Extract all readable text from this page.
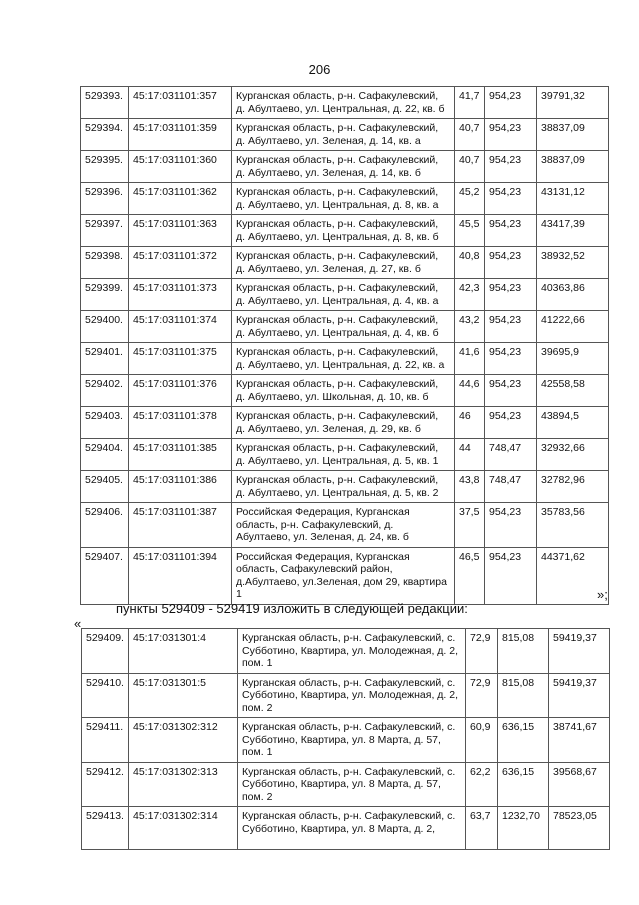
206
529393.	45:17:031101:357	Курганская область, р-н. Сафакулевский, д. Абултаево, ул. Центральная, д. 22, кв. б	41,7	954,23	39791,32
529394.	45:17:031101:359	Курганская область, р-н. Сафакулевский, д. Абултаево, ул. Зеленая, д. 14, кв. а	40,7	954,23	38837,09
529395.	45:17:031101:360	Курганская область, р-н. Сафакулевский, д. Абултаево, ул. Зеленая, д. 14, кв. б	40,7	954,23	38837,09
529396.	45:17:031101:362	Курганская область, р-н. Сафакулевский, д. Абултаево, ул. Центральная, д. 8, кв. а	45,2	954,23	43131,12
529397.	45:17:031101:363	Курганская область, р-н. Сафакулевский, д. Абултаево, ул. Центральная, д. 8, кв. б	45,5	954,23	43417,39
529398.	45:17:031101:372	Курганская область, р-н. Сафакулевский, д. Абултаево, ул. Зеленая, д. 27, кв. б	40,8	954,23	38932,52
529399.	45:17:031101:373	Курганская область, р-н. Сафакулевский, д. Абултаево, ул. Центральная, д. 4, кв. а	42,3	954,23	40363,86
529400.	45:17:031101:374	Курганская область, р-н. Сафакулевский, д. Абултаево, ул. Центральная, д. 4, кв. б	43,2	954,23	41222,66
529401.	45:17:031101:375	Курганская область, р-н. Сафакулевский, д. Абултаево, ул. Центральная, д. 22, кв. а	41,6	954,23	39695,9
529402.	45:17:031101:376	Курганская область, р-н. Сафакулевский, д. Абултаево, ул. Школьная, д. 10, кв. б	44,6	954,23	42558,58
529403.	45:17:031101:378	Курганская область, р-н. Сафакулевский, д. Абултаево, ул. Зеленая, д. 29, кв. б	46	954,23	43894,5
529404.	45:17:031101:385	Курганская область, р-н. Сафакулевский, д. Абултаево, ул. Центральная, д. 5, кв. 1	44	748,47	32932,66
529405.	45:17:031101:386	Курганская область, р-н. Сафакулевский, д. Абултаево, ул. Центральная, д. 5, кв. 2	43,8	748,47	32782,96
529406.	45:17:031101:387	Российская Федерация, Курганская область, р-н. Сафакулевский, д. Абултаево, ул. Зеленая, д. 24, кв. б	37,5	954,23	35783,56
529407.	45:17:031101:394	Российская Федерация, Курганская область, Сафакулевский район, д.Абултаево, ул.Зеленая, дом 29, квартира 1	46,5	954,23	44371,62
»;
пункты 529409 - 529419 изложить в следующей редакции:
«
529409.	45:17:031301:4	Курганская область, р-н. Сафакулевский, с. Субботино, Квартира, ул. Молодежная, д. 2, пом. 1	72,9	815,08	59419,37
529410.	45:17:031301:5	Курганская область, р-н. Сафакулевский, с. Субботино, Квартира, ул. Молодежная, д. 2, пом. 2	72,9	815,08	59419,37
529411.	45:17:031302:312	Курганская область, р-н. Сафакулевский, с. Субботино, Квартира, ул. 8 Марта, д. 57, пом. 1	60,9	636,15	38741,67
529412.	45:17:031302:313	Курганская область, р-н. Сафакулевский, с. Субботино, Квартира, ул. 8 Марта, д. 57, пом. 2	62,2	636,15	39568,67
529413.	45:17:031302:314	Курганская область, р-н. Сафакулевский, с. Субботино, Квартира, ул. 8 Марта, д. 2,	63,7	1232,70	78523,05
